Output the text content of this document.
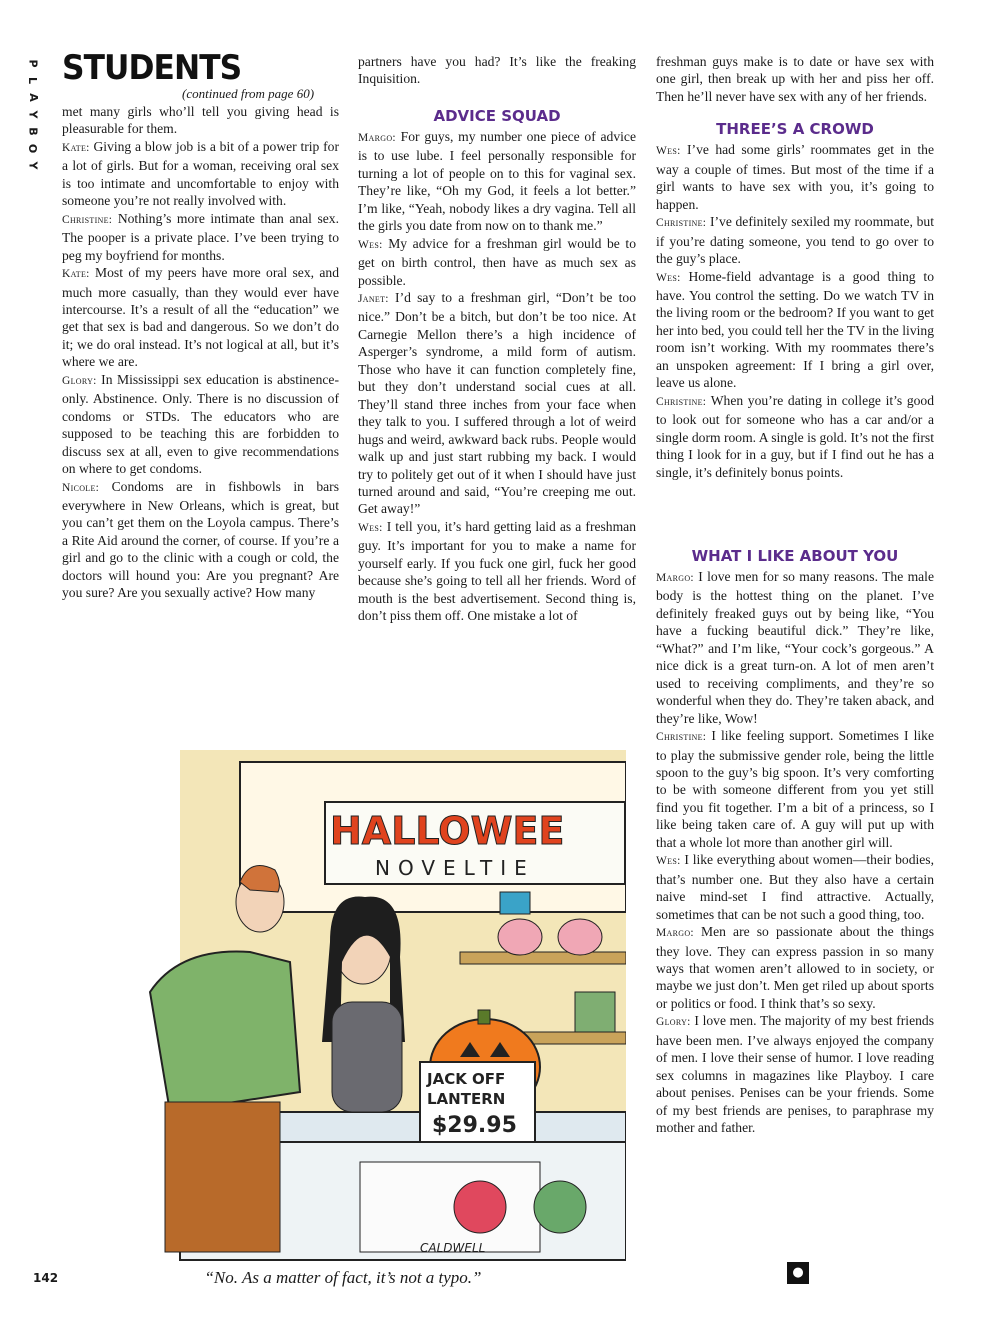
P
L
A
Y
B
O
Y
STUDENTS
(continued from page 60)

met many girls who’ll tell you giving head is pleasurable for them.

Kate: Giving a blow job is a bit of a power trip for a lot of girls. But for a woman, receiving oral sex is too intimate and uncomfortable to enjoy with someone you’re not really involved with.

Christine: Nothing’s more intimate than anal sex. The pooper is a private place. I’ve been trying to peg my boyfriend for months.

Kate: Most of my peers have more oral sex, and much more casually, than they would ever have intercourse. It’s a result of all the “education” we get that sex is bad and dangerous. So we don’t do it; we do oral instead. It’s not logical at all, but it’s where we are.

Glory: In Mississippi sex education is abstinence-only. Abstinence. Only. There is no discussion of condoms or STDs. The educators who are supposed to be teaching this are forbidden to discuss sex at all, even to give recommendations on where to get condoms.

Nicole: Condoms are in fishbowls in bars everywhere in New Orleans, which is great, but you can’t get them on the Loyola campus. There’s a Rite Aid around the corner, of course. If you’re a girl and go to the clinic with a cough or cold, the doctors will hound you: Are you pregnant? Are you sure? Are you sexually active? How many

partners have you had? It’s like the freaking Inquisition.

ADVICE SQUAD

Margo: For guys, my number one piece of advice is to use lube. I feel personally responsible for turning a lot of people on to this for vaginal sex. They’re like, “Oh my God, it feels a lot better.” I’m like, “Yeah, nobody likes a dry vagina. Tell all the girls you date from now on to thank me.”

Wes: My advice for a freshman girl would be to get on birth control, then have as much sex as possible.

Janet: I’d say to a freshman girl, “Don’t be too nice.” Don’t be a bitch, but don’t be too nice. At Carnegie Mellon there’s a high incidence of Asperger’s syndrome, a mild form of autism. Those who have it can function completely fine, but they don’t understand social cues at all. They’ll stand three inches from your face when they talk to you. I suffered through a lot of weird hugs and weird, awkward back rubs. People would walk up and just start rubbing my back. I would try to politely get out of it when I should have just turned around and said, “You’re creeping me out. Get away!”

Wes: I tell you, it’s hard getting laid as a freshman guy. It’s important for you to make a name for yourself early. If you fuck one girl, fuck her good because she’s going to tell all her friends. Word of mouth is the best advertisement. Second thing is, don’t piss them off. One mistake a lot of

freshman guys make is to date or have sex with one girl, then break up with her and piss her off. Then he’ll never have sex with any of her friends.

THREE’S A CROWD

Wes: I’ve had some girls’ roommates get in the way a couple of times. But most of the time if a girl wants to have sex with you, it’s going to happen.

Christine: I’ve definitely sexiled my roommate, but if you’re dating someone, you tend to go over to the guy’s place.

Wes: Home-field advantage is a good thing to have. You control the setting. Do we watch TV in the living room or the bedroom? If you want to get her into bed, you could tell her the TV in the living room isn’t working. With my roommates there’s an unspoken agreement: If I bring a girl over, leave us alone.

Christine: When you’re dating in college it’s good to look out for someone who has a car and/or a single dorm room. A single is gold. It’s not the first thing I look for in a guy, but if I find out he has a single, it’s definitely bonus points.

WHAT I LIKE ABOUT YOU

Margo: I love men for so many reasons. The male body is the hottest thing on the planet. I’ve definitely freaked guys out by being like, “You have a fucking beautiful dick.” They’re like, “What?” and I’m like, “Your cock’s gorgeous.” A nice dick is a great turn-on. A lot of men aren’t used to receiving compliments, and they’re so wonderful when they do. They’re taken aback, and they’re like, Wow!

Christine: I like feeling support. Sometimes I like to play the submissive gender role, being the little spoon to the guy’s big spoon. It’s very comforting to be with someone different from you yet still find you fit together. I’m a bit of a princess, so I like being taken care of. A guy will put up with that a whole lot more than another girl will.

Wes: I like everything about women—their bodies, that’s number one. But they also have a certain naive mind-set I find attractive. Actually, sometimes that can be not such a good thing, too.

Margo: Men are so passionate about the things they love. They can express passion in so many ways that women aren’t allowed to in society, or maybe we just don’t. Men get riled up about sports or politics or food. I think that’s so sexy.

Glory: I love men. The majority of my best friends have been men. I’ve always enjoyed the company of men. I love their sense of humor. I love reading sex columns in magazines like Playboy. I care about penises. Penises can be your friends. Some of my best friends are penises, to paraphrase my mother and father.

HALLOWEE
NOVELTIE
JACK OFF
LANTERN
$29.95
CALDWELL
“No. As a matter of fact, it’s not a typo.”
142	●
